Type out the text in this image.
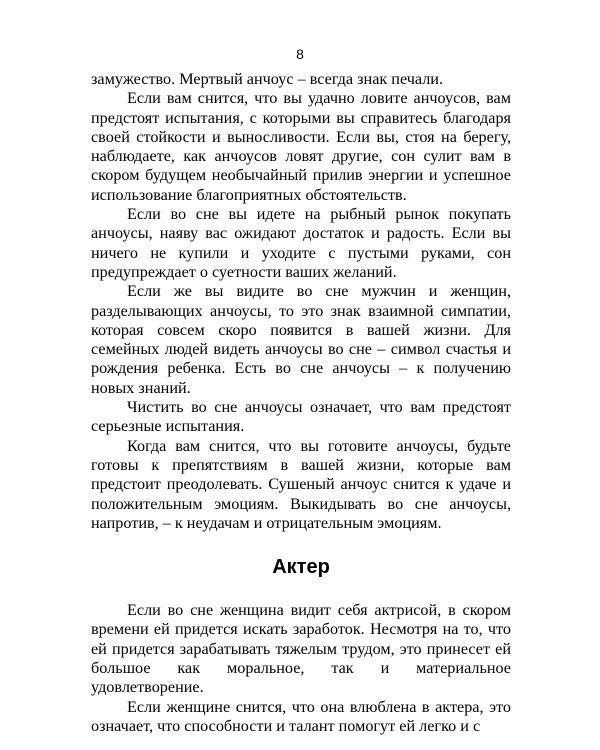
8

замужество. Мертвый анчоус – всегда знак печали.

Если вам снится, что вы удачно ловите анчоусов, вам предстоят испытания, с которыми вы справитесь благодаря своей стойкости и выносливости. Если вы, стоя на берегу, наблюдаете, как анчоусов ловят другие, сон сулит вам в скором будущем необычайный прилив энергии и успешное использование благоприятных обстоятельств.

Если во сне вы идете на рыбный рынок покупать анчоусы, наяву вас ожидают достаток и радость. Если вы ничего не купили и уходите с пустыми руками, сон предупреждает о суетности ваших желаний.

Если же вы видите во сне мужчин и женщин, разделывающих анчоусы, то это знак взаимной симпатии, которая совсем скоро появится в вашей жизни. Для семейных людей видеть анчоусы во сне – символ счастья и рождения ребенка. Есть во сне анчоусы – к получению новых знаний.

Чистить во сне анчоусы означает, что вам предстоят серьезные испытания.

Когда вам снится, что вы готовите анчоусы, будьте готовы к препятствиям в вашей жизни, которые вам предстоит преодолевать. Сушеный анчоус снится к удаче и положительным эмоциям. Выкидывать во сне анчоусы, напротив, – к неудачам и отрицательным эмоциям.

Актер

Если во сне женщина видит себя актрисой, в скором времени ей придется искать заработок. Несмотря на то, что ей придется зарабатывать тяжелым трудом, это принесет ей большое как моральное, так и материальное удовлетворение.

Если женщине снится, что она влюблена в актера, это означает, что способности и талант помогут ей легко и с
